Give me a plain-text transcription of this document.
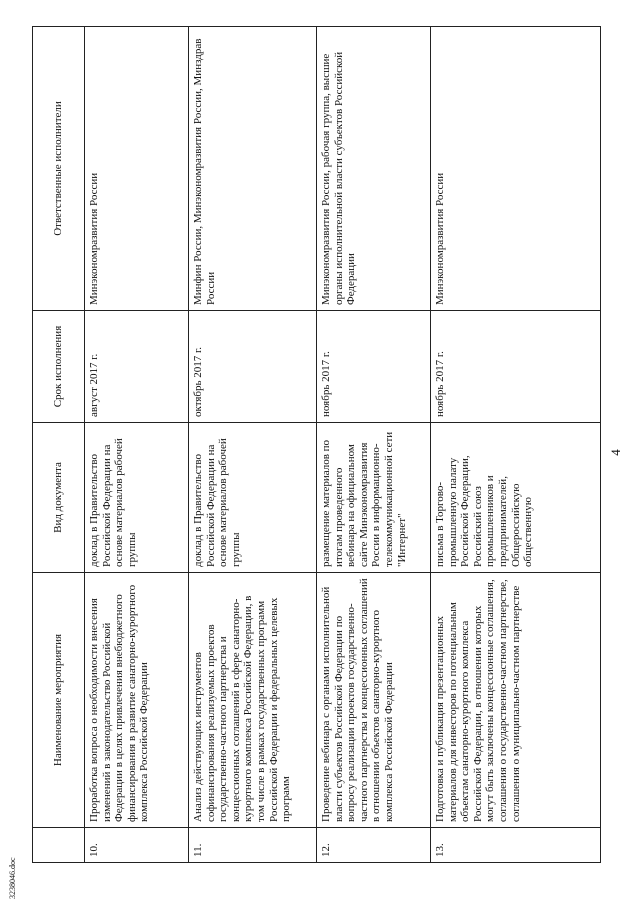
3238046.doc
	Наименование мероприятия	Вид документа	Срок исполнения	Ответственные исполнители
10.	Проработка вопроса о необходимости внесения изменений в законодательство Российской Федерации в целях привлечения внебюджетного финансирования в развитие санаторно-курортного комплекса Российской Федерации	доклад в Правительство Российской Федерации на основе материалов рабочей группы	август 2017 г.	Минэкономразвития России
11.	Анализ действующих инструментов софинансирования реализуемых проектов государственно-частного партнерства и концессионных соглашений в сфере санаторно-курортного комплекса Российской Федерации, в том числе в рамках государственных программ Российской Федерации и федеральных целевых программ	доклад в Правительство Российской Федерации на основе материалов рабочей группы	октябрь 2017 г.	Минфин России, Минэкономразвития России, Минздрав России
12.	Проведение вебинара с органами исполнительной власти субъектов Российской Федерации по вопросу реализации проектов государственно-частного партнерства и концессионных соглашений в отношении объектов санаторно-курортного комплекса Российской Федерации	размещение материалов по итогам проведенного вебинара на официальном сайте Минэкономразвития России в информационно-телекоммуникационной сети "Интернет"	ноябрь 2017 г.	Минэкономразвития России, рабочая группа, высшие органы исполнительной власти субъектов Российской Федерации
13.	Подготовка и публикация презентационных материалов для инвесторов по потенциальным объектам санаторно-курортного комплекса Российской Федерации, в отношении которых могут быть заключены концессионные соглашения, соглашения о государственно-частном партнерстве, соглашения о муниципально-частном партнерстве	письма в Торгово-промышленную палату Российской Федерации, Российский союз промышленников и предпринимателей, Общероссийскую общественную	ноябрь 2017 г.	Минэкономразвития России
4
